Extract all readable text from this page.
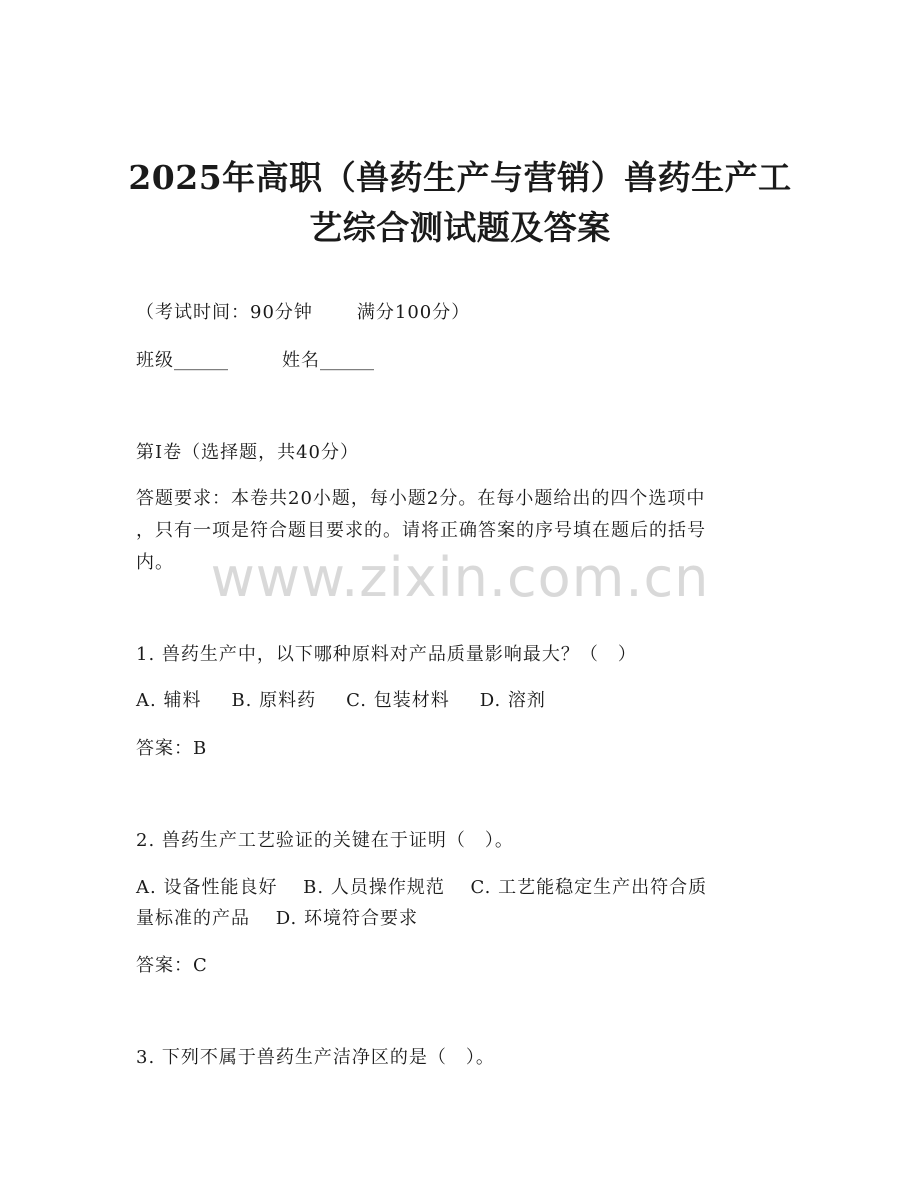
2025年高职（兽药生产与营销）兽药生产工
艺综合测试题及答案
（考试时间：90分钟 满分100分）
班级______	姓名______
第I卷（选择题，共40分）
答题要求：本卷共20小题，每小题2分。在每小题给出的四个选项中
，只有一项是符合题目要求的。请将正确答案的序号填在题后的括号
内。 www.zixin.com.cn
1. 兽药生产中，以下哪种原料对产品质量影响最大？（　）
A. 辅料 B. 原料药 C. 包装材料 D. 溶剂
答案：B
2. 兽药生产工艺验证的关键在于证明（　）。
A. 设备性能良好　 B. 人员操作规范　 C. 工艺能稳定生产出符合质
量标准的产品　 D. 环境符合要求
答案：C
3. 下列不属于兽药生产洁净区的是（　）。
